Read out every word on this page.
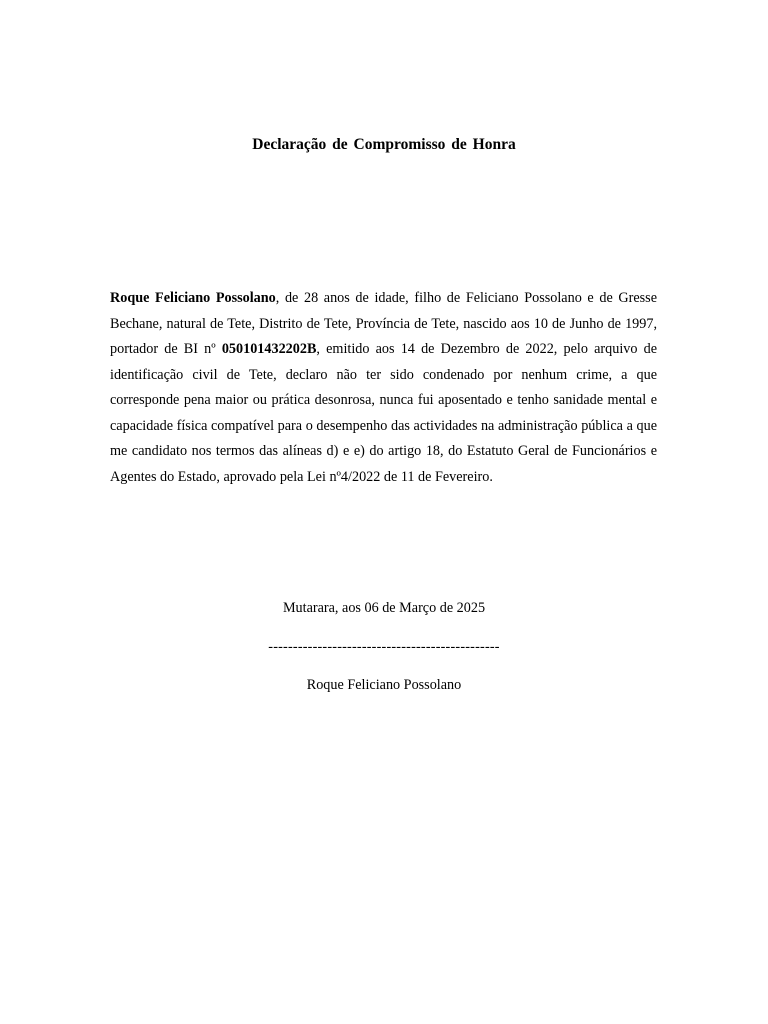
Declaração de Compromisso de Honra

Roque Feliciano Possolano, de 28 anos de idade, filho de Feliciano Possolano e de Gresse Bechane, natural de Tete, Distrito de Tete, Província de Tete, nascido aos 10 de Junho de 1997, portador de BI nº 050101432202B, emitido aos 14 de Dezembro de 2022, pelo arquivo de identificação civil de Tete, declaro não ter sido condenado por nenhum crime, a que corresponde pena maior ou prática desonrosa, nunca fui aposentado e tenho sanidade mental e capacidade física compatível para o desempenho das actividades na administração pública a que me candidato nos termos das alíneas d) e e) do artigo 18, do Estatuto Geral de Funcionários e Agentes do Estado, aprovado pela Lei nº4/2022 de 11 de Fevereiro.

Mutarara, aos 06 de Março de 2025
-----------------------------------------------
Roque Feliciano Possolano
